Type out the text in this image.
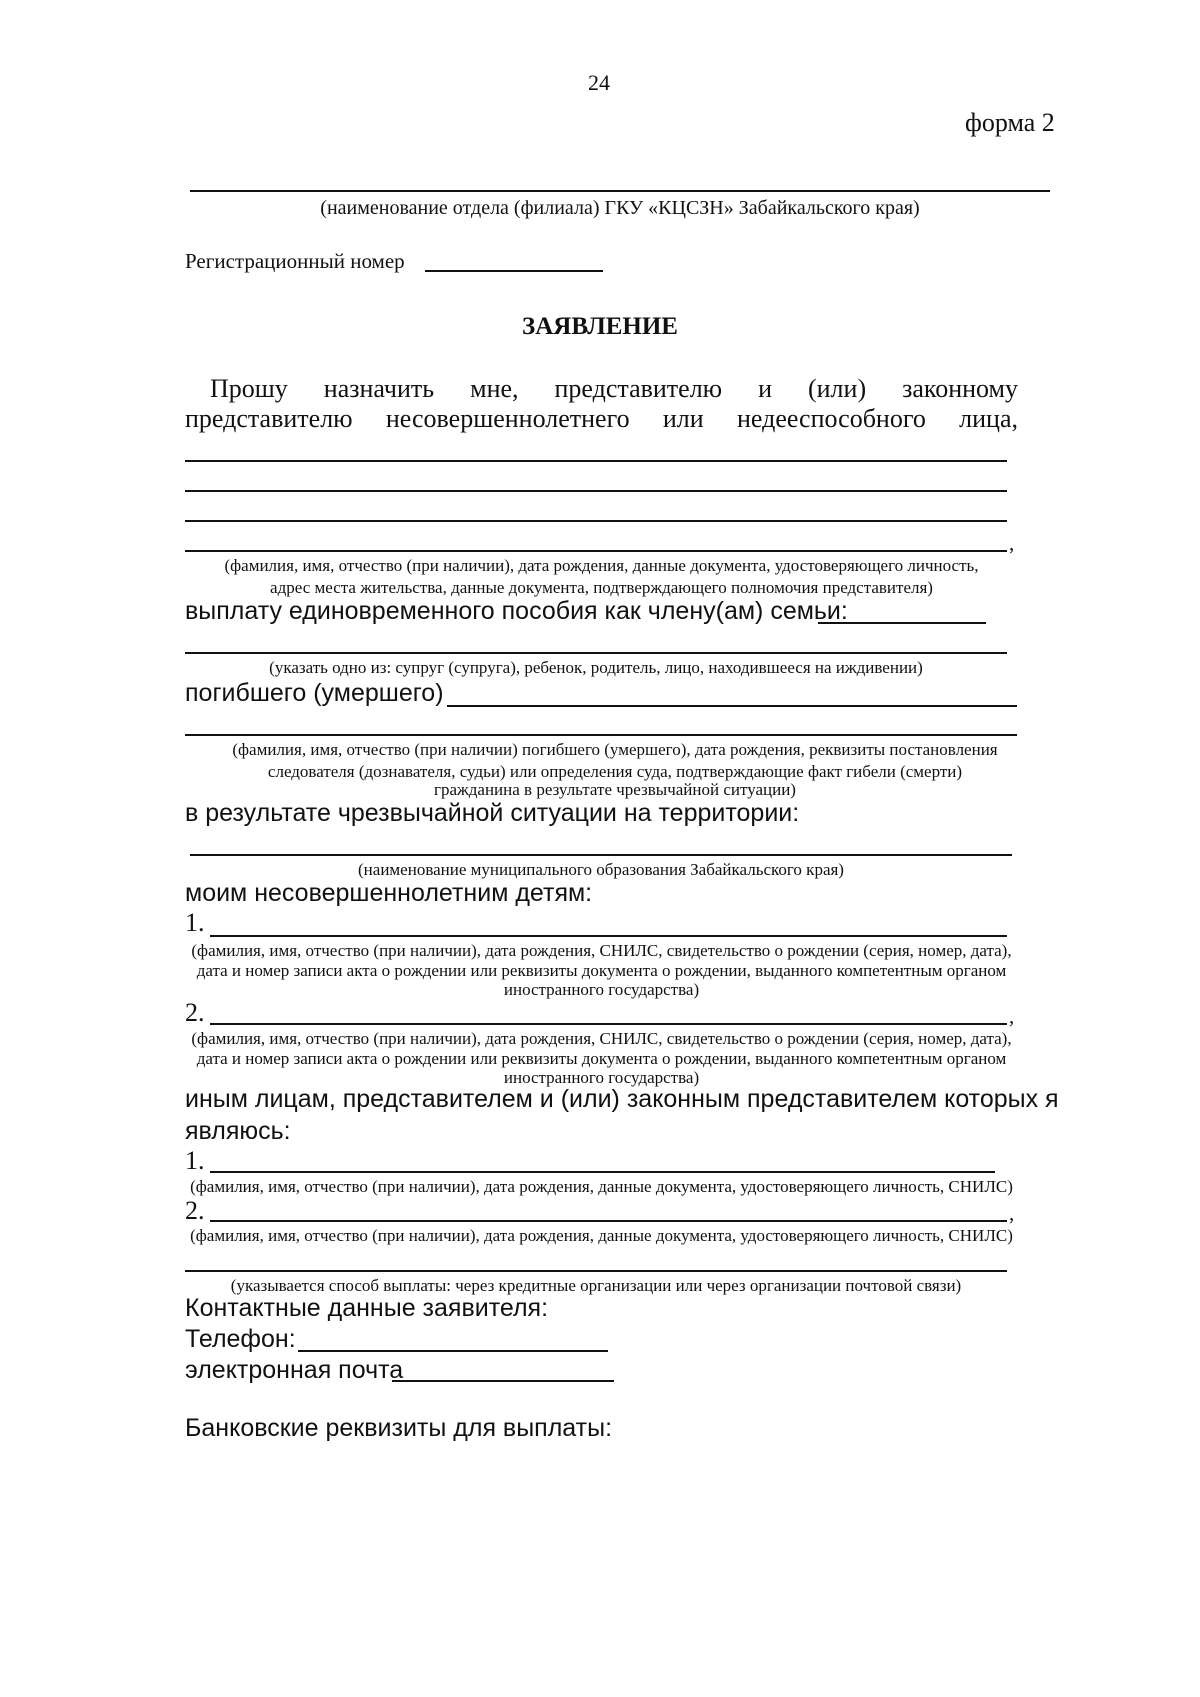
24
форма 2
(наименование отдела (филиала) ГКУ «КЦСЗН» Забайкальского края)
Регистрационный номер
ЗАЯВЛЕНИЕ
Прошу назначить мне, представителю и (или) законному
представителю несовершеннолетнего или недееспособного лица,
,
(фамилия, имя, отчество (при наличии), дата рождения, данные документа, удостоверяющего личность,
адрес места жительства, данные документа, подтверждающего полномочия представителя)
выплату единовременного пособия как члену(ам) семьи:
(указать одно из: супруг (супруга), ребенок, родитель, лицо, находившееся на иждивении)
погибшего (умершего)
(фамилия, имя, отчество (при наличии) погибшего (умершего), дата рождения, реквизиты постановления
следователя (дознавателя, судьи) или определения суда, подтверждающие факт гибели (смерти)
гражданина в результате чрезвычайной ситуации)
в результате чрезвычайной ситуации на территории:
(наименование муниципального образования Забайкальского края)
моим несовершеннолетним детям:
1.
(фамилия, имя, отчество (при наличии), дата рождения, СНИЛС, свидетельство о рождении (серия, номер, дата),
дата и номер записи акта о рождении или реквизиты документа о рождении, выданного компетентным органом
иностранного государства)
2.	,
(фамилия, имя, отчество (при наличии), дата рождения, СНИЛС, свидетельство о рождении (серия, номер, дата),
дата и номер записи акта о рождении или реквизиты документа о рождении, выданного компетентным органом
иностранного государства)
иным лицам, представителем и (или) законным представителем которых я
являюсь:
1.
(фамилия, имя, отчество (при наличии), дата рождения, данные документа, удостоверяющего личность, СНИЛС)
2.	,
(фамилия, имя, отчество (при наличии), дата рождения, данные документа, удостоверяющего личность, СНИЛС)
(указывается способ выплаты: через кредитные организации или через организации почтовой связи)
Контактные данные заявителя:
Телефон:
электронная почта
Банковские реквизиты для выплаты:
